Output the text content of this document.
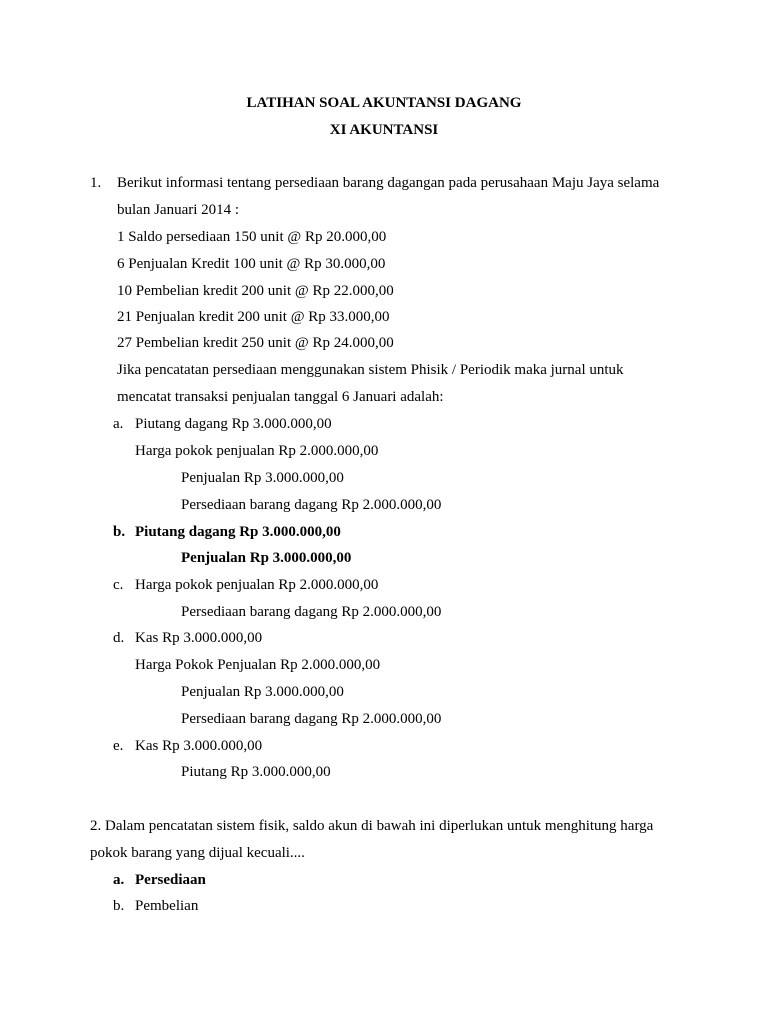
LATIHAN SOAL AKUNTANSI DAGANG
XI AKUNTANSI
1. Berikut informasi tentang persediaan barang dagangan pada perusahaan Maju Jaya selama
bulan Januari 2014 :
1 Saldo persediaan 150 unit @ Rp 20.000,00
6 Penjualan Kredit 100 unit @ Rp 30.000,00
10 Pembelian kredit 200 unit @ Rp 22.000,00
21 Penjualan kredit 200 unit @ Rp 33.000,00
27 Pembelian kredit 250 unit @ Rp 24.000,00
Jika pencatatan persediaan menggunakan sistem Phisik / Periodik maka jurnal untuk
mencatat transaksi penjualan tanggal 6 Januari adalah:
a. Piutang dagang Rp 3.000.000,00
Harga pokok penjualan Rp 2.000.000,00
Penjualan Rp 3.000.000,00
Persediaan barang dagang Rp 2.000.000,00
b. Piutang dagang Rp 3.000.000,00
Penjualan Rp 3.000.000,00
c. Harga pokok penjualan Rp 2.000.000,00
Persediaan barang dagang Rp 2.000.000,00
d. Kas Rp 3.000.000,00
Harga Pokok Penjualan Rp 2.000.000,00
Penjualan Rp 3.000.000,00
Persediaan barang dagang Rp 2.000.000,00
e. Kas Rp 3.000.000,00
Piutang Rp 3.000.000,00
2. Dalam pencatatan sistem fisik, saldo akun di bawah ini diperlukan untuk menghitung harga
pokok barang yang dijual kecuali....
a. Persediaan
b. Pembelian
